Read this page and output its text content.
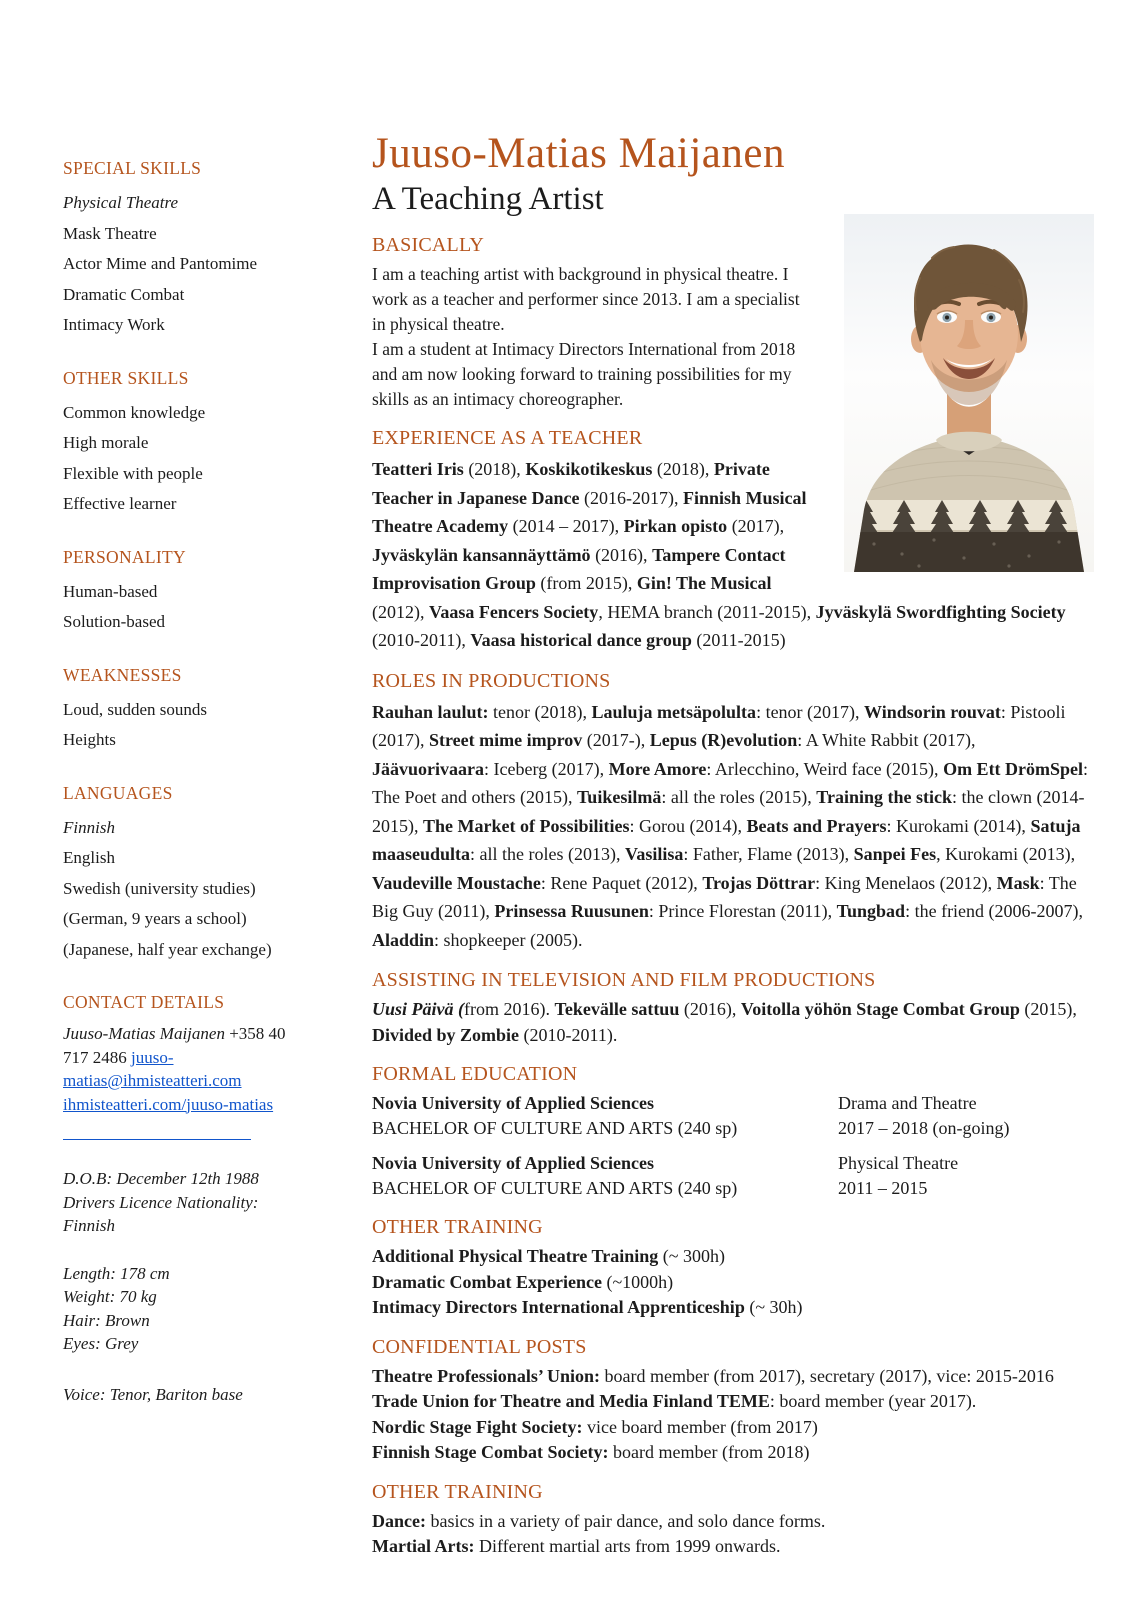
SPECIAL SKILLS
Physical Theatre
Mask Theatre
Actor Mime and Pantomime
Dramatic Combat
Intimacy Work
OTHER SKILLS
Common knowledge
High morale
Flexible with people
Effective learner
PERSONALITY
Human-based
Solution-based
WEAKNESSES
Loud, sudden sounds
Heights
LANGUAGES
Finnish
English
Swedish (university studies)
(German, 9 years a school)
(Japanese, half year exchange)
CONTACT DETAILS

Juuso-Matias Maijanen +358 40 717 2486 juuso-matias@ihmisteatteri.com ihmisteatteri.com/juuso-matias

D.O.B: December 12th 1988
Drivers Licence Nationality:
Finnish
Length: 178 cm
Weight: 70 kg
Hair: Brown
Eyes: Grey
Voice: Tenor, Bariton base
Juuso-Matias Maijanen
A Teaching Artist
BASICALLY

I am a teaching artist with background in physical theatre. I work as a teacher and performer since 2013. I am a specialist in physical theatre.

I am a student at Intimacy Directors International from 2018 and am now looking forward to training possibilities for my skills as an intimacy choreographer.

EXPERIENCE AS A TEACHER

Teatteri Iris (2018), Koskikotikeskus (2018), Private Teacher in Japanese Dance (2016-2017), Finnish Musical Theatre Academy (2014 – 2017), Pirkan opisto (2017), Jyväskylän kansannäyttämö (2016), Tampere Contact Improvisation Group (from 2015), Gin! The Musical (2012), Vaasa Fencers Society, HEMA branch (2011-2015), Jyväskylä Swordfighting Society (2010-2011), Vaasa historical dance group (2011-2015)

ROLES IN PRODUCTIONS

Rauhan laulut: tenor (2018), Lauluja metsäpolulta: tenor (2017), Windsorin rouvat: Pistooli (2017), Street mime improv (2017-), Lepus (R)evolution: A White Rabbit (2017), Jäävuorivaara: Iceberg (2017), More Amore: Arlecchino, Weird face (2015), Om Ett DrömSpel: The Poet and others (2015), Tuikesilmä: all the roles (2015), Training the stick: the clown (2014-2015), The Market of Possibilities: Gorou (2014), Beats and Prayers: Kurokami (2014), Satuja maaseudulta: all the roles (2013), Vasilisa: Father, Flame (2013), Sanpei Fes, Kurokami (2013), Vaudeville Moustache: Rene Paquet (2012), Trojas Döttrar: King Menelaos (2012), Mask: The Big Guy (2011), Prinsessa Ruusunen: Prince Florestan (2011), Tungbad: the friend (2006-2007), Aladdin: shopkeeper (2005).

ASSISTING IN TELEVISION AND FILM PRODUCTIONS

Uusi Päivä (from 2016). Tekevälle sattuu (2016), Voitolla yöhön Stage Combat Group (2015), Divided by Zombie (2010-2011).

FORMAL EDUCATION
Novia University of Applied Sciences
BACHELOR OF CULTURE AND ARTS (240 sp)
Drama and Theatre
2017 – 2018 (on-going)
Novia University of Applied Sciences
BACHELOR OF CULTURE AND ARTS (240 sp)
Physical Theatre
2011 – 2015
OTHER TRAINING
Additional Physical Theatre Training (~ 300h)
Dramatic Combat Experience (~1000h)
Intimacy Directors International Apprenticeship (~ 30h)
CONFIDENTIAL POSTS
Theatre Professionals’ Union: board member (from 2017), secretary (2017), vice: 2015-2016
Trade Union for Theatre and Media Finland TEME: board member (year 2017).
Nordic Stage Fight Society: vice board member (from 2017)
Finnish Stage Combat Society: board member (from 2018)
OTHER TRAINING
Dance: basics in a variety of pair dance, and solo dance forms.
Martial Arts: Different martial arts from 1999 onwards.
